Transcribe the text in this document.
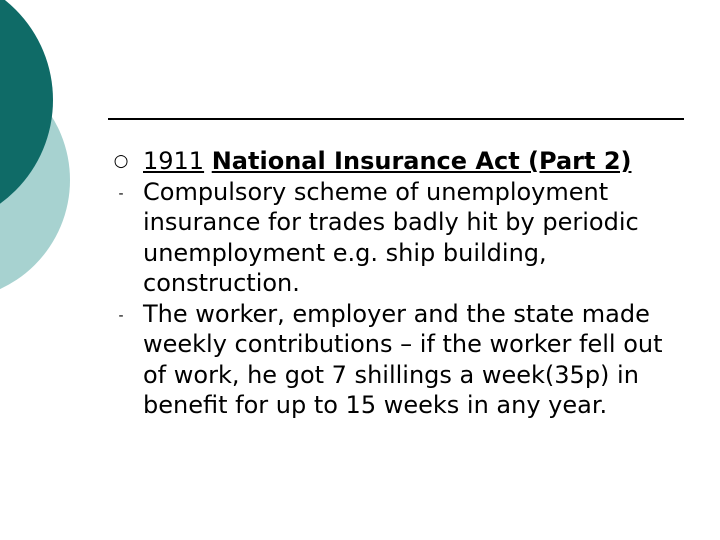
○ 1911 National Insurance Act (Part 2)
- Compulsory scheme of unemployment insurance for trades badly hit by periodic unemployment e.g. ship building, construction.
- The worker, employer and the state made weekly contributions – if the worker fell out of work, he got 7 shillings a week(35p) in benefit for up to 15 weeks in any year.
